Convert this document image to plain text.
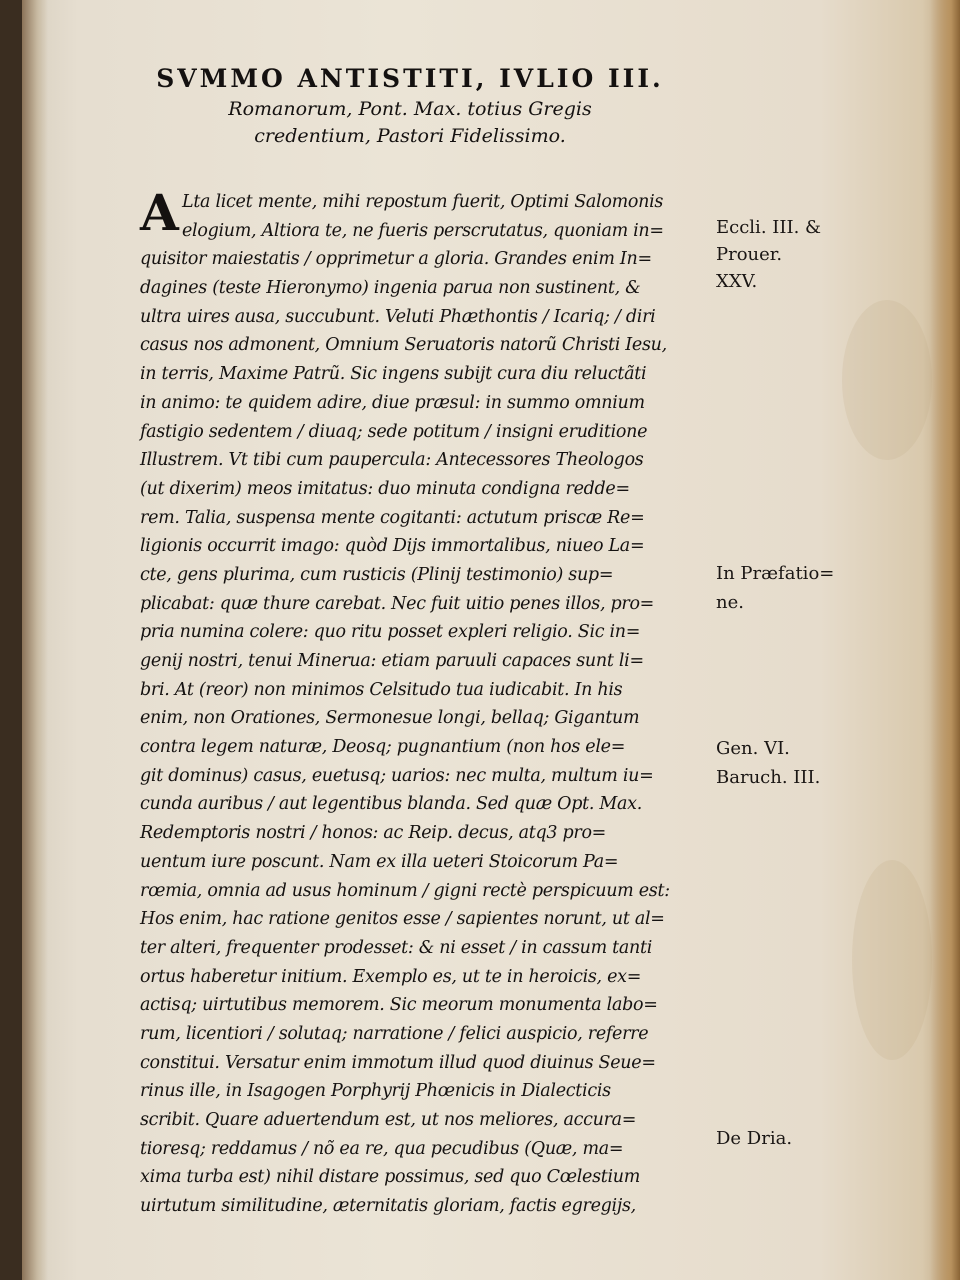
SVMMO ANTISTITI, IVLIO III.
Romanorum, Pont. Max. totius Gregis
credentium, Pastori Fidelissimo.
A Lta licet mente, mihi repostum fuerit, Optimi Salomonis
elogium, Altiora te, ne fueris perscrutatus, quoniam in=
quisitor maiestatis / opprimetur a gloria. Grandes enim In=
dagines (teste Hieronymo) ingenia parua non sustinent, &
ultra uires ausa, succubunt. Veluti Phæthontis / Icariq; / diri
casus nos admonent, Omnium Seruatoris natorũ Christi Iesu,
in terris, Maxime Patrũ. Sic ingens subijt cura diu reluctãti
in animo: te quidem adire, diue præsul: in summo omnium
fastigio sedentem / diuaq; sede potitum / insigni eruditione
Illustrem. Vt tibi cum paupercula: Antecessores Theologos
(ut dixerim) meos imitatus: duo minuta condigna redde=
rem. Talia, suspensa mente cogitanti: actutum priscæ Re=
ligionis occurrit imago: quòd Dijs immortalibus, niueo La=
cte, gens plurima, cum rusticis (Plinij testimonio) sup=
plicabat: quæ thure carebat. Nec fuit uitio penes illos, pro=
pria numina colere: quo ritu posset expleri religio. Sic in=
genij nostri, tenui Minerua: etiam paruuli capaces sunt li=
bri. At (reor) non minimos Celsitudo tua iudicabit. In his
enim, non Orationes, Sermonesue longi, bellaq; Gigantum
contra legem naturæ, Deosq; pugnantium (non hos ele=
git dominus) casus, euetusq; uarios: nec multa, multum iu=
cunda auribus / aut legentibus blanda. Sed quæ Opt. Max.
Redemptoris nostri / honos: ac Reip. decus, atq3 pro=
uentum iure poscunt. Nam ex illa ueteri Stoicorum Pa=
rœmia, omnia ad usus hominum / gigni rectè perspicuum est:
Hos enim, hac ratione genitos esse / sapientes norunt, ut al=
ter alteri, frequenter prodesset: & ni esset / in cassum tanti
ortus haberetur initium. Exemplo es, ut te in heroicis, ex=
actisq; uirtutibus memorem. Sic meorum monumenta labo=
rum, licentiori / solutaq; narratione / felici auspicio, referre
constitui. Versatur enim immotum illud quod diuinus Seue=
rinus ille, in Isagogen Porphyrij Phœnicis in Dialecticis
scribit. Quare aduertendum est, ut nos meliores, accura=
tioresq; reddamus / nõ ea re, qua pecudibus (Quæ, ma=
xima turba est) nihil distare possimus, sed quo Cœlestium
uirtutum similitudine, æternitatis gloriam, factis egregijs,
Eccli. III. &
Prouer.
XXV.
In Præfatio=
ne.
Gen. VI.
Baruch. III.
De Dria.
